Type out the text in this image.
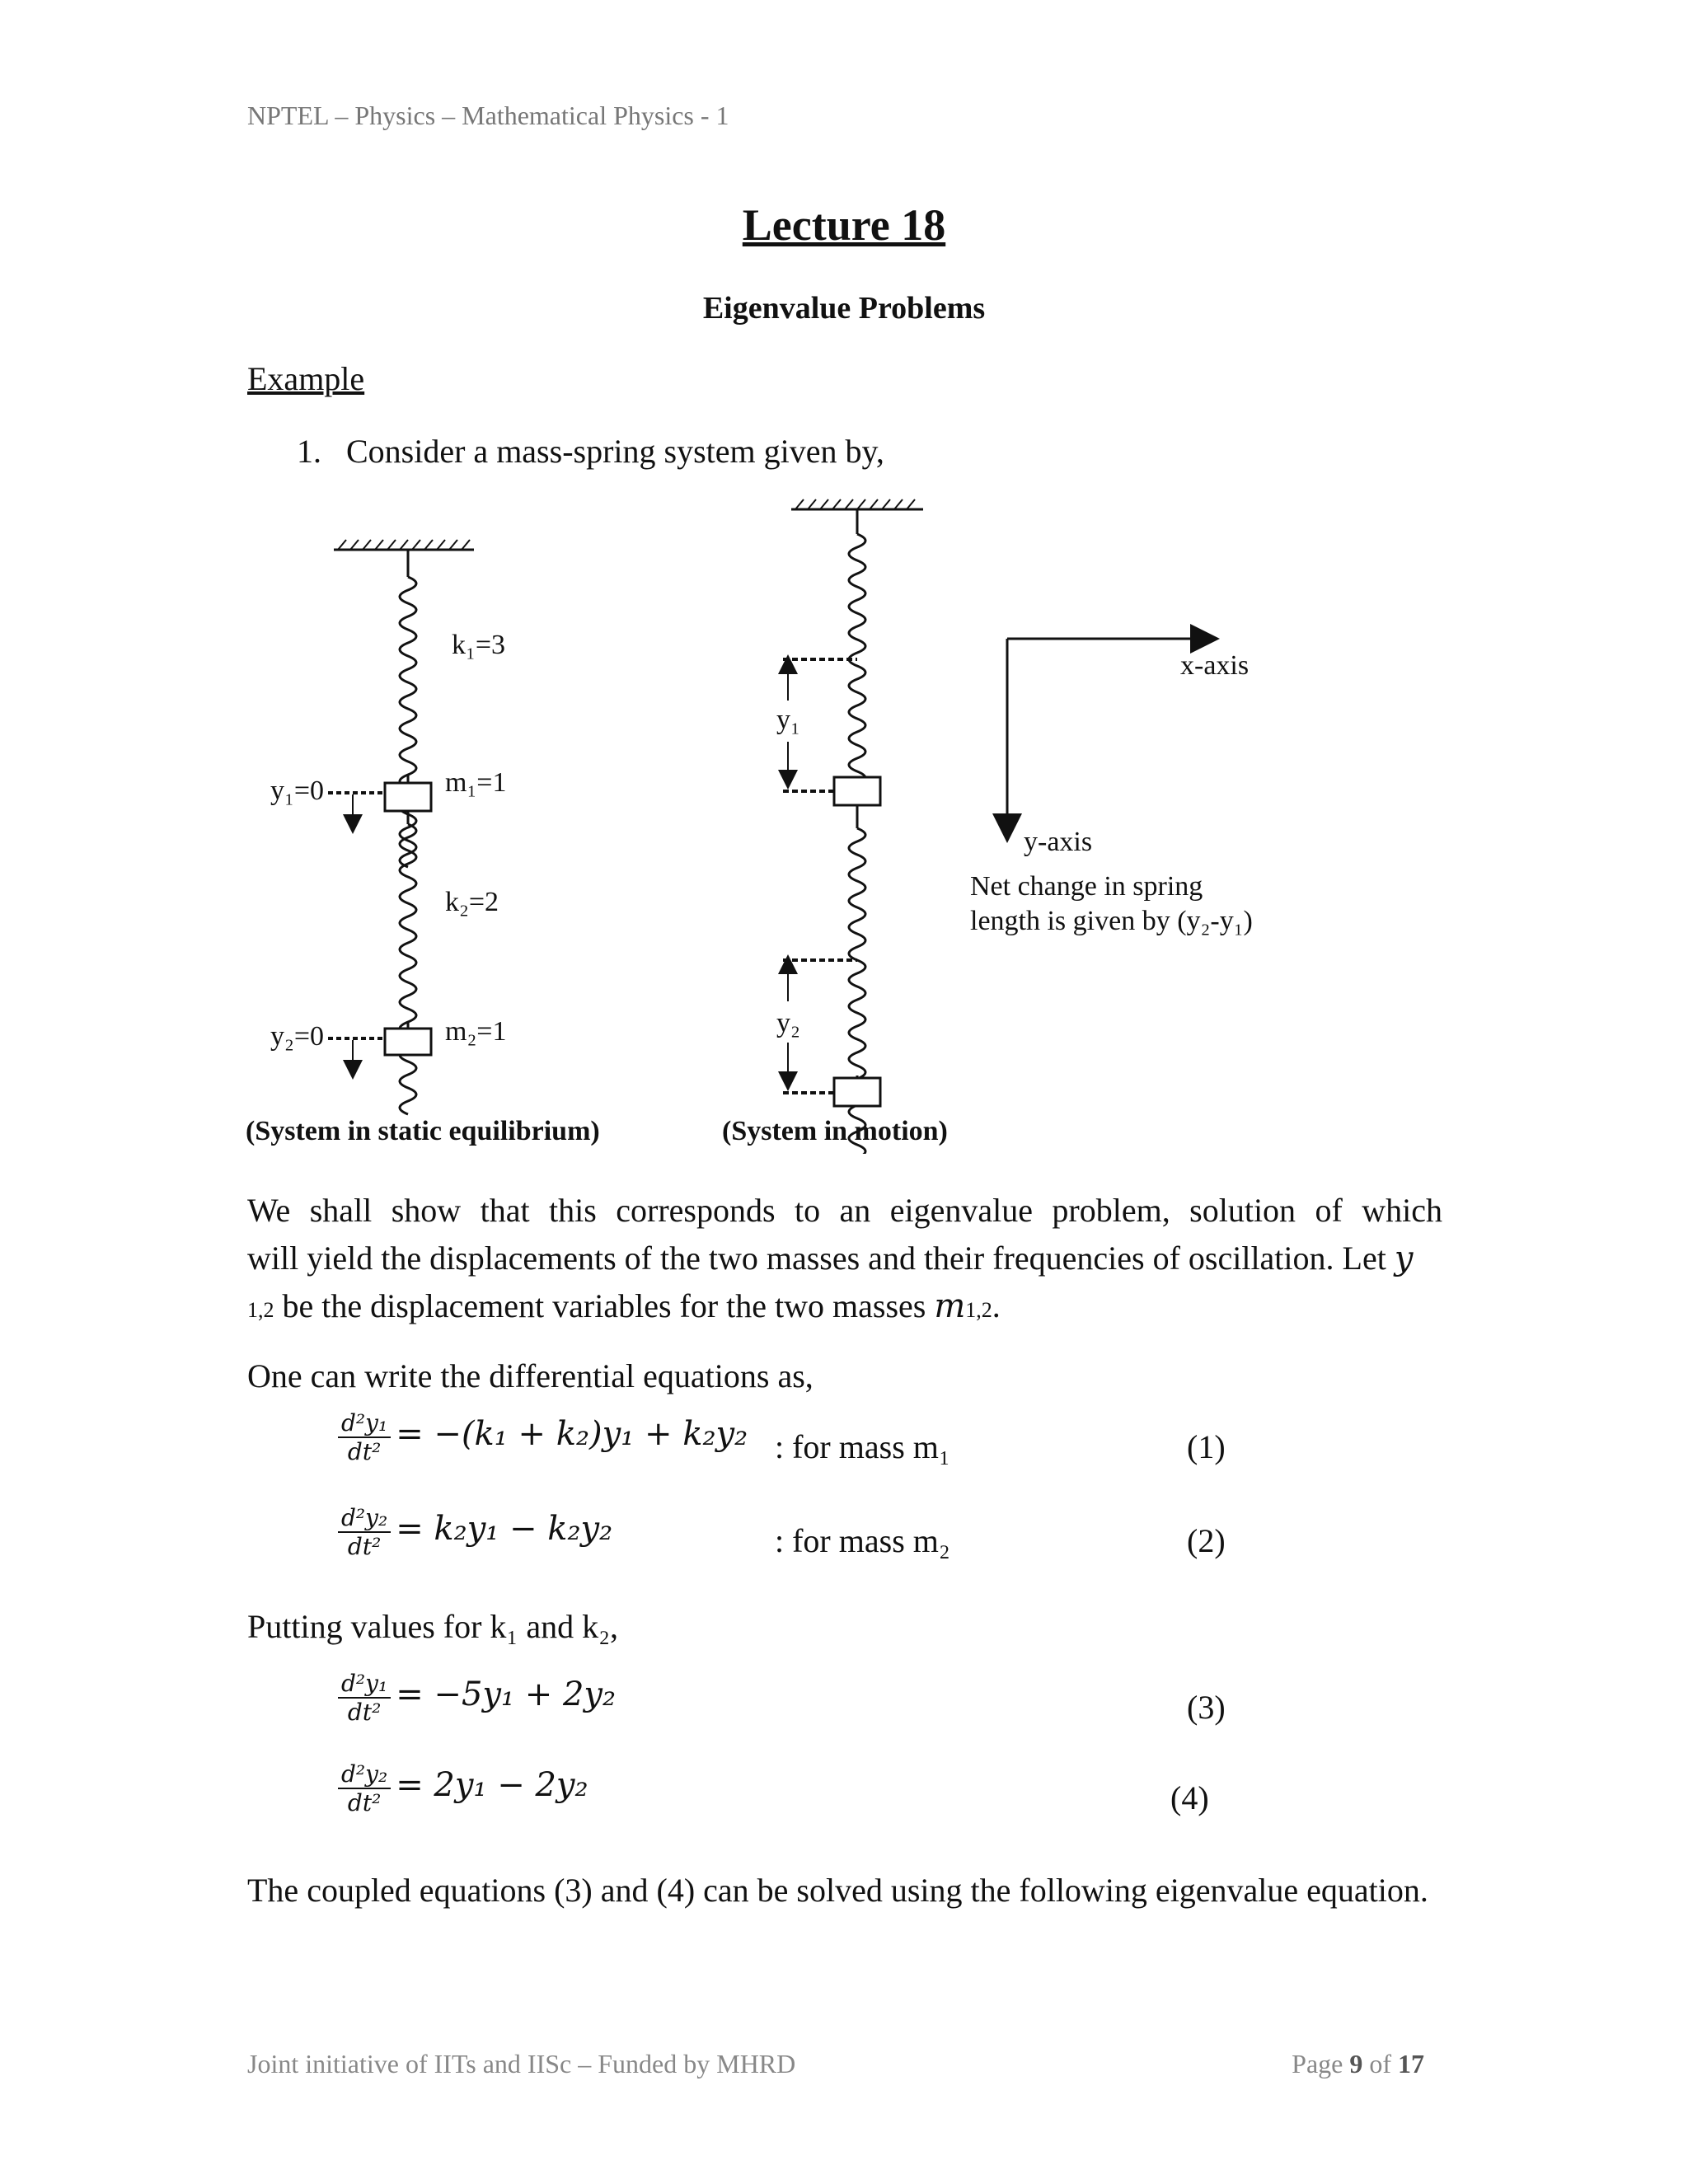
NPTEL – Physics – Mathematical Physics - 1
Lecture 18
Eigenvalue Problems
Example
1. Consider a mass-spring system given by,
k₁=3
m₁=1
k₂=2
m₂=1
y₁=0
y₂=0
(System in static equilibrium)
y₁
y₂
(System in motion)
x-axis
y-axis
Net change in spring
length is given by (y₂-y₁)
We shall show that this corresponds to an eigenvalue problem, solution of which
will yield the displacements of the two masses and their frequencies of oscillation. Let y
1,2 be the displacement variables for the two masses m1,2.
One can write the differential equations as,
$\frac{\text{d²y₁}}{\text{dt²}} = -(k_1 + k_2)y_1 + k_2y_2$ : for mass m₁	(1)
$\frac{\text{d²y₂}}{\text{dt²}} = k_2y_1 - k_2y_2$	: for mass m₂	(2)
Putting values for k₁ and k₂,
$\frac{\text{d²y₁}}{\text{dt²}} = -5y_1 + 2y_2$	(3)
$\frac{\text{d²y₂}}{\text{dt²}} = 2y_1 - 2y_2$	(4)
The coupled equations (3) and (4) can be solved using the following eigenvalue equation.
Joint initiative of IITs and IISc – Funded by MHRD	Page 9 of 17
